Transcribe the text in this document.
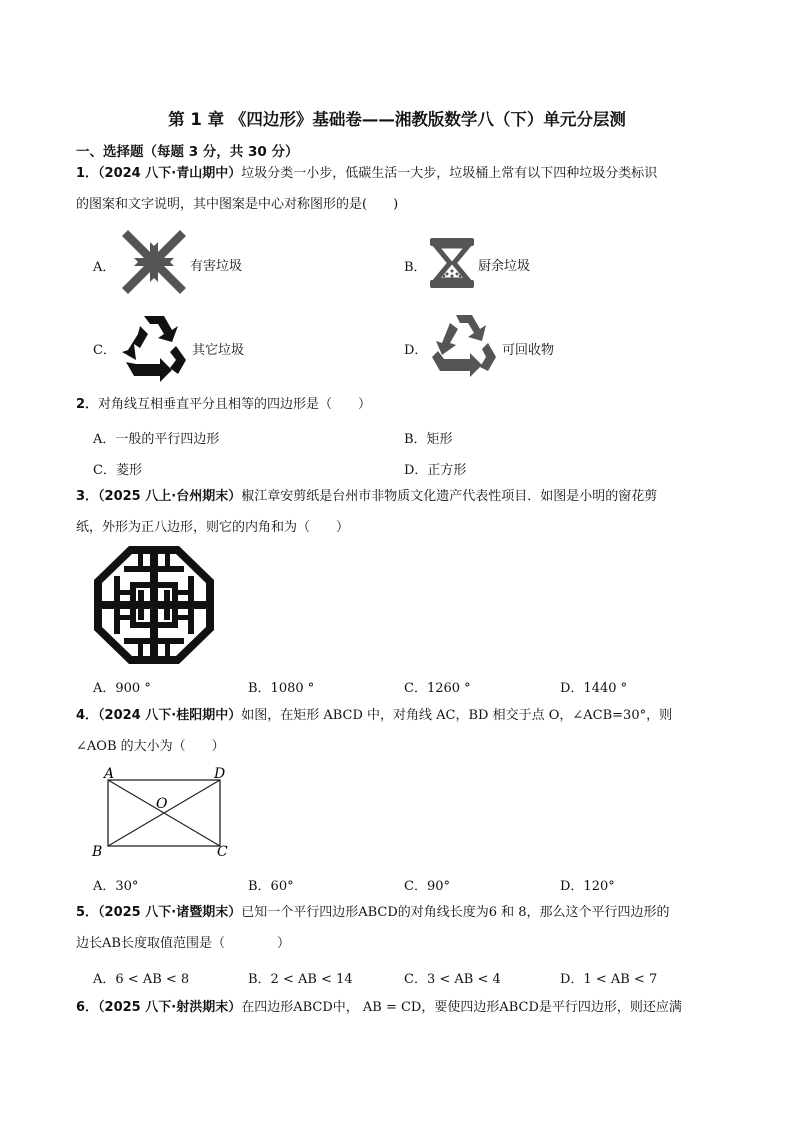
第 1 章 《四边形》基础卷——湘教版数学八（下）单元分层测
一、选择题（每题 3 分，共 30 分）
1．（2024 八下·青山期中）垃圾分类一小步，低碳生活一大步，垃圾桶上常有以下四种垃圾分类标识
的图案和文字说明，其中图案是中心对称图形的是(　　)
A．	有害垃圾	B．	厨余垃圾
C．	其它垃圾	D．	可回收物
2．对角线互相垂直平分且相等的四边形是（　　）
A．一般的平行四边形	B．矩形
C．菱形	D．正方形
3．（2025 八上·台州期末）椒江章安剪纸是台州市非物质文化遗产代表性项目．如图是小明的窗花剪
纸，外形为正八边形，则它的内角和为（　　）
A．900 °	B．1080 °	C．1260 °	D．1440 °
4．（2024 八下·桂阳期中）如图，在矩形 ABCD 中，对角线 AC，BD 相交于点 O，∠ACB=30°，则
∠AOB 的大小为（　　）
A	D
O
B	C
A．30°	B．60°	C．90°	D．120°
5．（2025 八下·诸暨期末）已知一个平行四边形ABCD的对角线长度为6 和 8，那么这个平行四边形的
边长AB长度取值范围是（　　　　）
A．6 < AB < 8	B．2 < AB < 14	C．3 < AB < 4	D．1 < AB < 7
6．（2025 八下·射洪期末）在四边形ABCD中， AB = CD，要使四边形ABCD是平行四边形，则还应满
